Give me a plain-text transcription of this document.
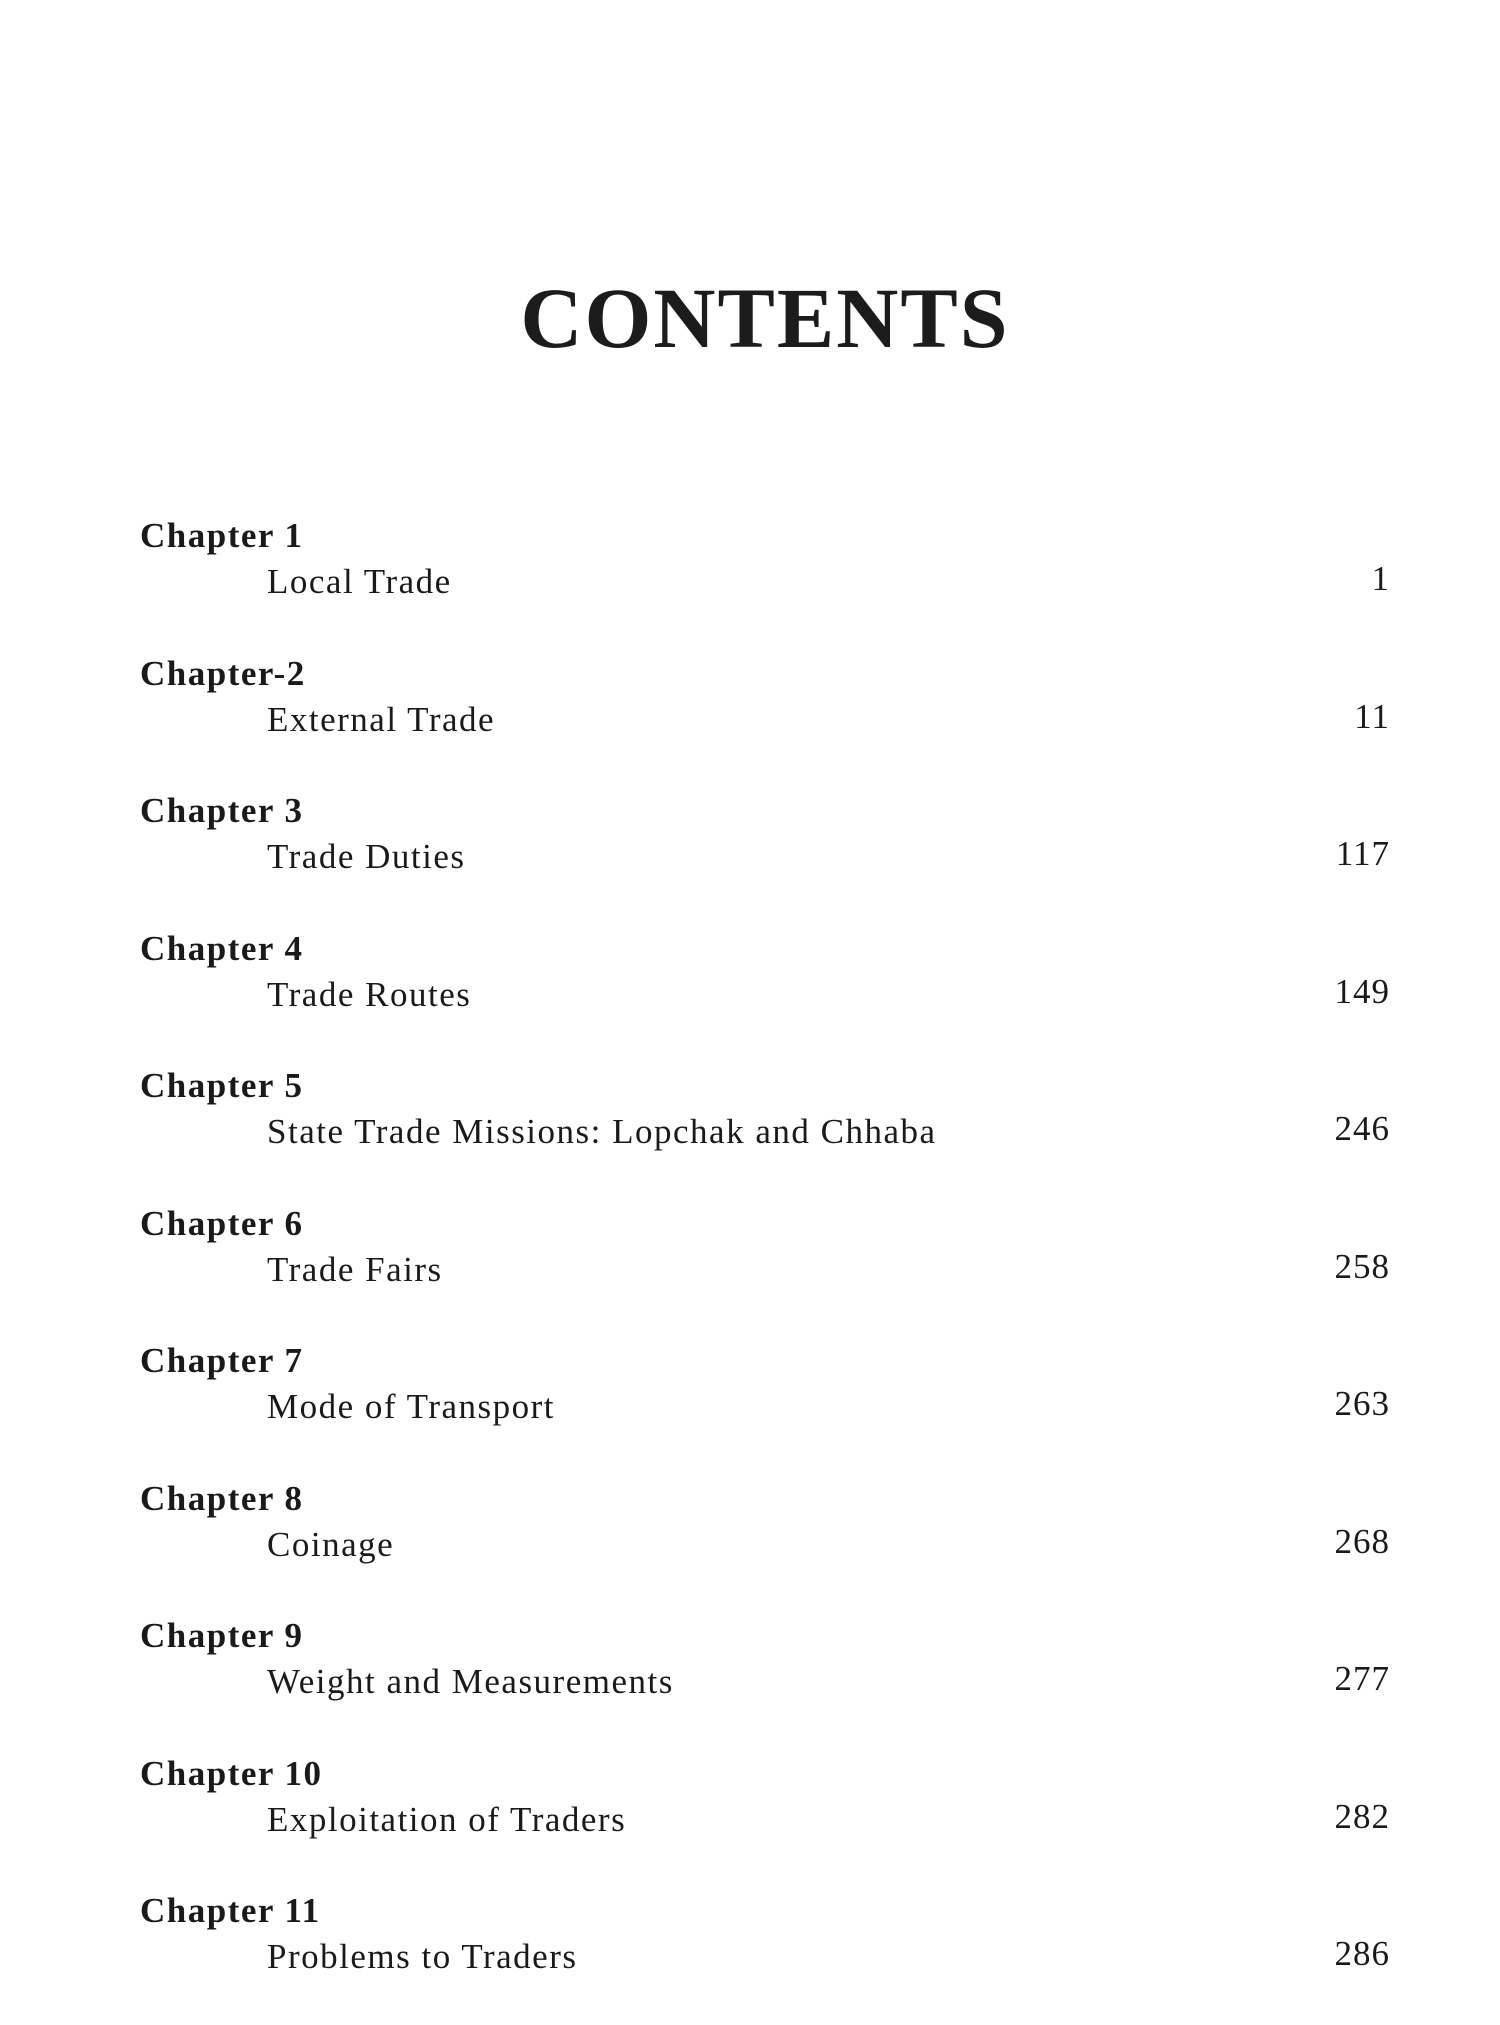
CONTENTS
Chapter 1
Local Trade	1
Chapter-2
External Trade	11
Chapter 3
Trade Duties	117
Chapter 4
Trade Routes	149
Chapter 5
State Trade Missions: Lopchak and Chhaba	246
Chapter 6
Trade Fairs	258
Chapter 7
Mode of Transport	263
Chapter 8
Coinage	268
Chapter 9
Weight and Measurements	277
Chapter 10
Exploitation of Traders	282
Chapter 11
Problems to Traders	286
